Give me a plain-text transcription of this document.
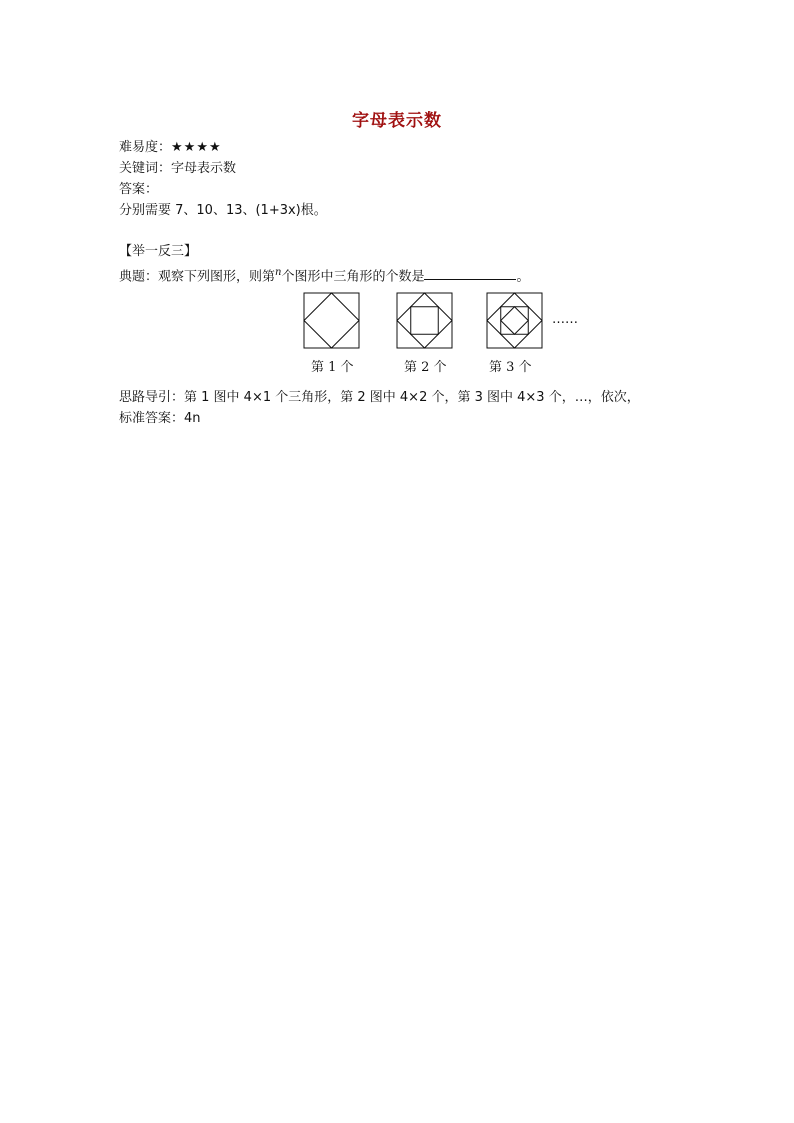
字母表示数
难易度：★★★★
关键词：字母表示数
答案：
分别需要 7、10、13、(1+3x)根。
【举一反三】
典题：观察下列图形，则第$^n$个图形中三角形的个数是	。
……
第 1 个	第 2 个	第 3 个
思路导引：第 1 图中 4×1 个三角形，第 2 图中 4×2 个，第 3 图中 4×3 个，…，依次，
标准答案：4n
